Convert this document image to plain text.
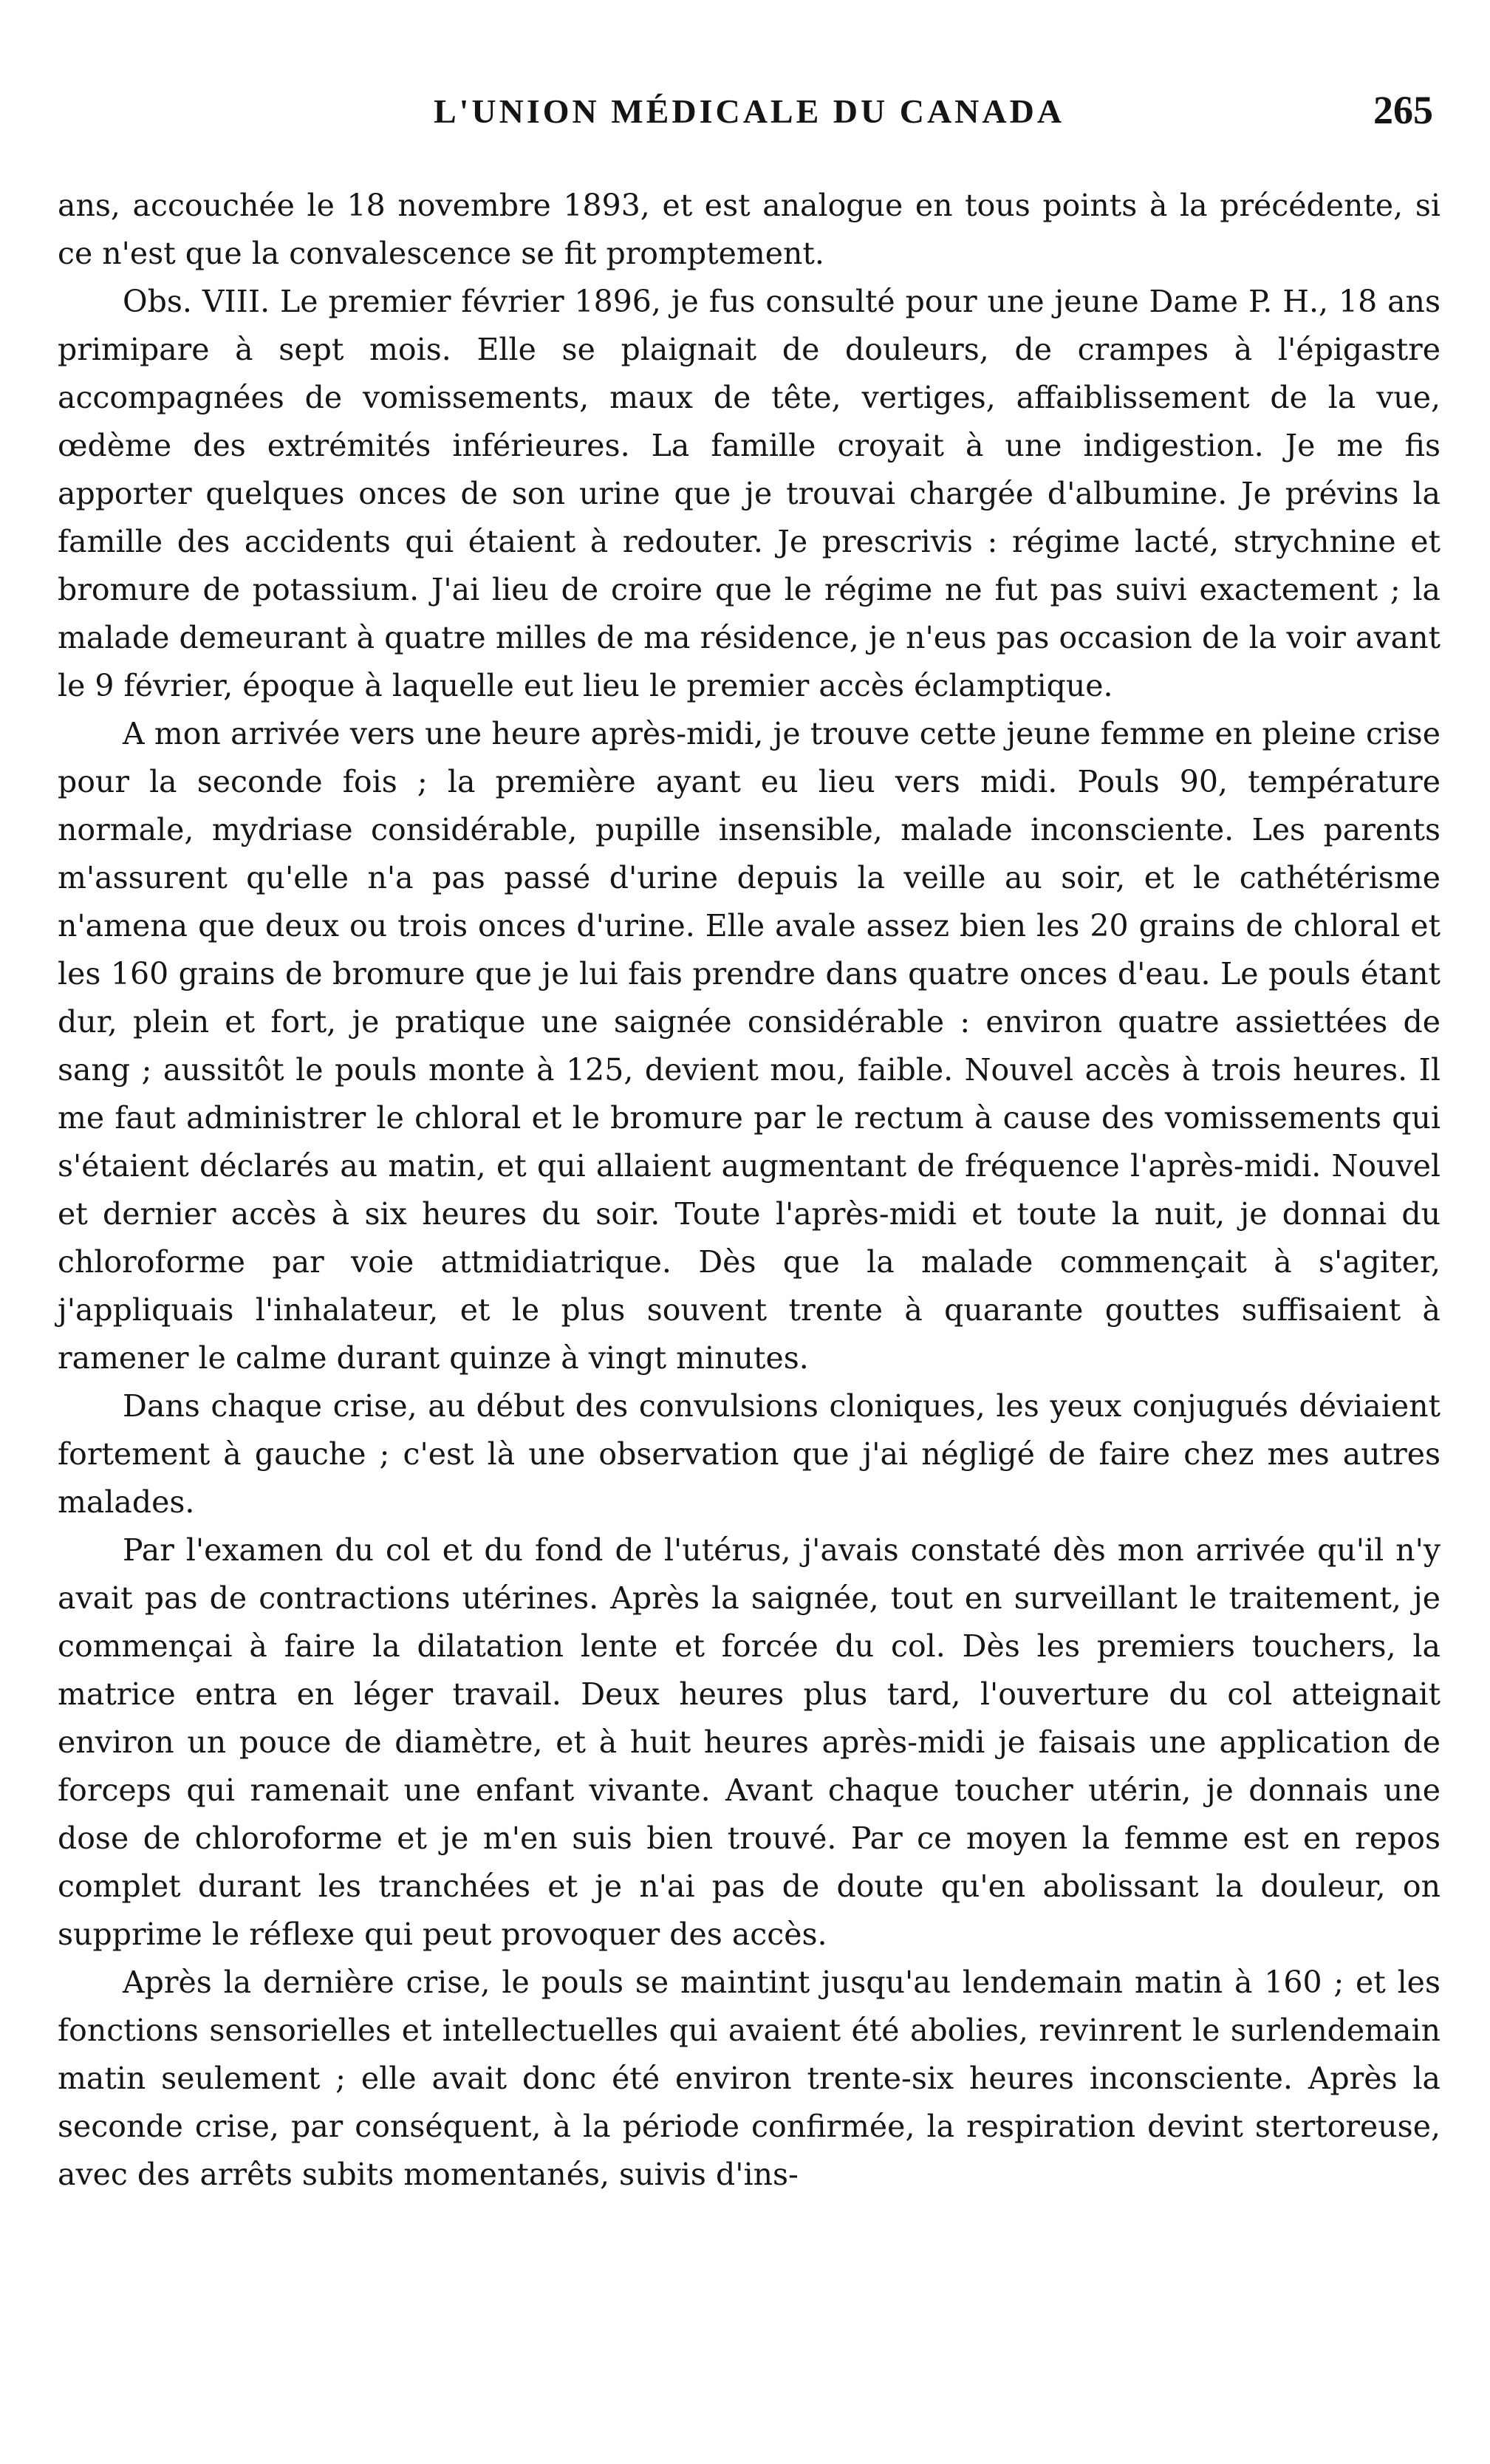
L'UNION MÉDICALE DU CANADA	265

ans, accouchée le 18 novembre 1893, et est analogue en tous points à la précédente, si ce n'est que la convalescence se fit promptement.

Obs. VIII. Le premier février 1896, je fus consulté pour une jeune Dame P. H., 18 ans primipare à sept mois. Elle se plaignait de douleurs, de crampes à l'épigastre accompagnées de vomissements, maux de tête, vertiges, affaiblissement de la vue, œdème des extrémités inférieures. La famille croyait à une indigestion. Je me fis apporter quelques onces de son urine que je trouvai chargée d'albumine. Je prévins la famille des accidents qui étaient à redouter. Je prescrivis : régime lacté, strychnine et bromure de potassium. J'ai lieu de croire que le régime ne fut pas suivi exactement ; la malade demeurant à quatre milles de ma résidence, je n'eus pas occasion de la voir avant le 9 février, époque à laquelle eut lieu le premier accès éclamptique.

A mon arrivée vers une heure après-midi, je trouve cette jeune femme en pleine crise pour la seconde fois ; la première ayant eu lieu vers midi. Pouls 90, température normale, mydriase considérable, pupille insensible, malade inconsciente. Les parents m'assurent qu'elle n'a pas passé d'urine depuis la veille au soir, et le cathétérisme n'amena que deux ou trois onces d'urine. Elle avale assez bien les 20 grains de chloral et les 160 grains de bromure que je lui fais prendre dans quatre onces d'eau. Le pouls étant dur, plein et fort, je pratique une saignée considérable : environ quatre assiettées de sang ; aussitôt le pouls monte à 125, devient mou, faible. Nouvel accès à trois heures. Il me faut administrer le chloral et le bromure par le rectum à cause des vomissements qui s'étaient déclarés au matin, et qui allaient augmentant de fréquence l'après-midi. Nouvel et dernier accès à six heures du soir. Toute l'après-midi et toute la nuit, je donnai du chloroforme par voie attmidiatrique. Dès que la malade commençait à s'agiter, j'appliquais l'inhalateur, et le plus souvent trente à quarante gouttes suffisaient à ramener le calme durant quinze à vingt minutes.

Dans chaque crise, au début des convulsions cloniques, les yeux conjugués déviaient fortement à gauche ; c'est là une observation que j'ai négligé de faire chez mes autres malades.

Par l'examen du col et du fond de l'utérus, j'avais constaté dès mon arrivée qu'il n'y avait pas de contractions utérines. Après la saignée, tout en surveillant le traitement, je commençai à faire la dilatation lente et forcée du col. Dès les premiers touchers, la matrice entra en léger travail. Deux heures plus tard, l'ouverture du col atteignait environ un pouce de diamètre, et à huit heures après-midi je faisais une application de forceps qui ramenait une enfant vivante. Avant chaque toucher utérin, je donnais une dose de chloroforme et je m'en suis bien trouvé. Par ce moyen la femme est en repos complet durant les tranchées et je n'ai pas de doute qu'en abolissant la douleur, on supprime le réflexe qui peut provoquer des accès.

Après la dernière crise, le pouls se maintint jusqu'au lendemain matin à 160 ; et les fonctions sensorielles et intellectuelles qui avaient été abolies, revinrent le surlendemain matin seulement ; elle avait donc été environ trente-six heures inconsciente. Après la seconde crise, par conséquent, à la période confirmée, la respiration devint stertoreuse, avec des arrêts subits momentanés, suivis d'ins-
